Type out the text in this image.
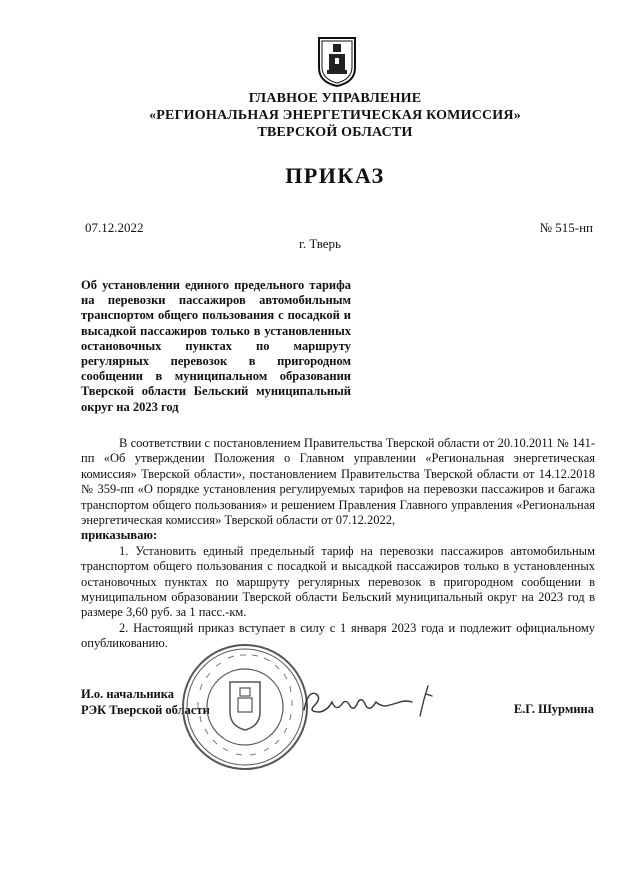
ГЛАВНОЕ УПРАВЛЕНИЕ
«РЕГИОНАЛЬНАЯ ЭНЕРГЕТИЧЕСКАЯ КОМИССИЯ»
ТВЕРСКОЙ ОБЛАСТИ
ПРИКАЗ
07.12.2022	№ 515-нп
г. Тверь
Об установлении единого предельного тарифа на перевозки пассажиров автомобильным транспортом общего пользования с посадкой и высадкой пассажиров только в установленных остановочных пунктах по маршруту регулярных перевозок в пригородном сообщении в муниципальном образовании Тверской области Бельский муниципальный округ на 2023 год

В соответствии с постановлением Правительства Тверской области от 20.10.2011 № 141-пп «Об утверждении Положения о Главном управлении «Региональная энергетическая комиссия» Тверской области», постановлением Правительства Тверской области от 14.12.2018 № 359-пп «О порядке установления регулируемых тарифов на перевозки пассажиров и багажа транспортом общего пользования» и решением Правления Главного управления «Региональная энергетическая комиссия» Тверской области от 07.12.2022,

приказываю:

1. Установить единый предельный тариф на перевозки пассажиров автомобильным транспортом общего пользования с посадкой и высадкой пассажиров только в установленных остановочных пунктах по маршруту регулярных перевозок в пригородном сообщении в муниципальном образовании Тверской области Бельский муниципальный округ на 2023 год в размере 3,60 руб. за 1 пасс.-км.

2. Настоящий приказ вступает в силу с 1 января 2023 года и подлежит официальному опубликованию.

И.о. начальника
РЭК Тверской области	Е.Г. Шурмина
